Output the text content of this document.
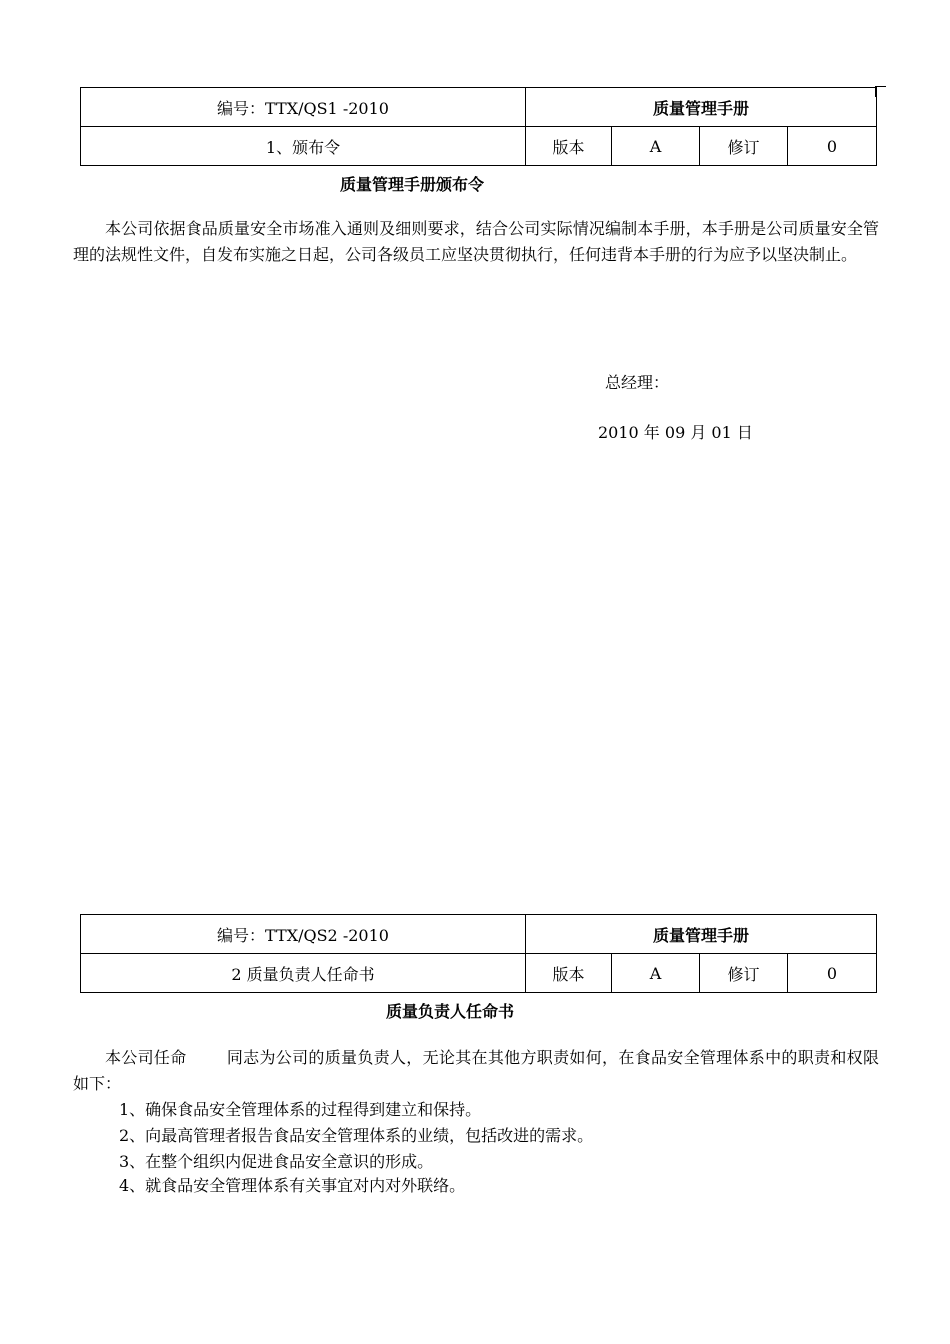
编号：TTX/QS1 -2010	质量管理手册			
1、颁布令	版本	A	修订	0
质量管理手册颁布令
本公司依据食品质量安全市场准入通则及细则要求，结合公司实际情况编制本手册，本手册是公司质量安全管理的法规性文件，自发布实施之日起，公司各级员工应坚决贯彻执行，任何违背本手册的行为应予以坚决制止。
总经理：
2010 年 09 月 01 日
编号：TTX/QS2 -2010	质量管理手册			
2 质量负责人任命书	版本	A	修订	0
质量负责人任命书
本公司任命	同志为公司的质量负责人，无论其在其他方职责如何，在食品安全管理体系中的职责和权限如下：
1、确保食品安全管理体系的过程得到建立和保持。
2、向最高管理者报告食品安全管理体系的业绩，包括改进的需求。
3、在整个组织内促进食品安全意识的形成。
4、就食品安全管理体系有关事宜对内对外联络。
